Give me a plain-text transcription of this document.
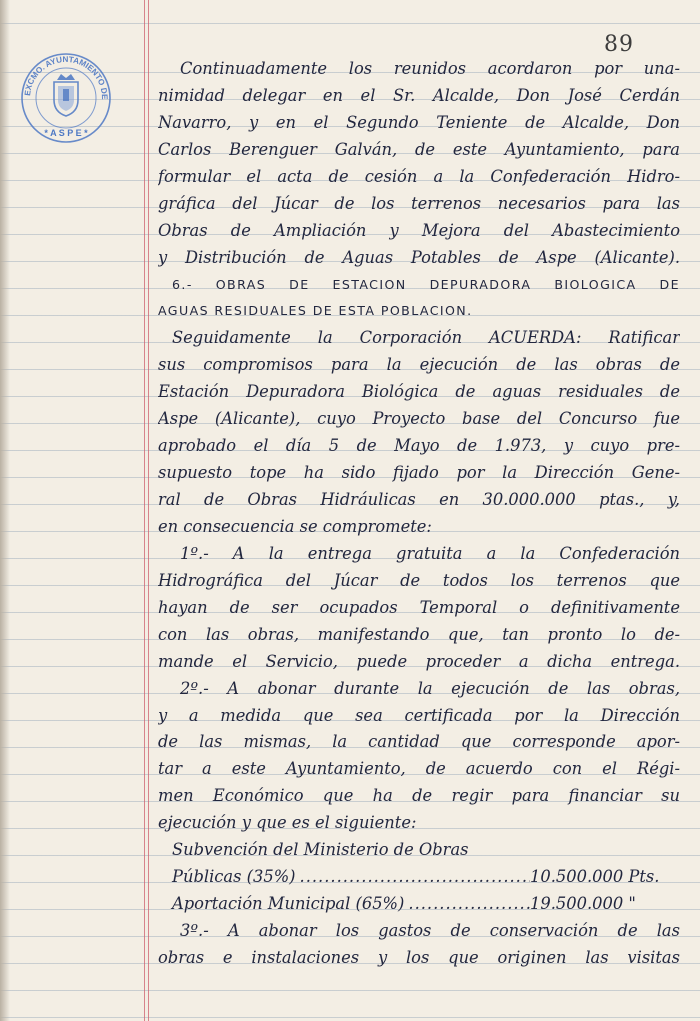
EXCMO. AYUNTAMIENTO DE
* A S P E *
89
Continuadamente los reunidos acordaron por una-
nimidad delegar en el Sr. Alcalde, Don José Cerdán
Navarro, y en el Segundo Teniente de Alcalde, Don
Carlos Berenguer Galván, de este Ayuntamiento, para
formular el acta de cesión a la Confederación Hidro-
gráfica del Júcar de los terrenos necesarios para las
Obras de Ampliación y Mejora del Abastecimiento
y Distribución de Aguas Potables de Aspe (Alicante).
6.- OBRAS DE ESTACION DEPURADORA BIOLOGICA DE
AGUAS RESIDUALES DE ESTA POBLACION.
Seguidamente la Corporación ACUERDA: Ratificar
sus compromisos para la ejecución de las obras de
Estación Depuradora Biológica de aguas residuales de
Aspe (Alicante), cuyo Proyecto base del Concurso fue
aprobado el día 5 de Mayo de 1.973, y cuyo pre-
supuesto tope ha sido fijado por la Dirección Gene-
ral de Obras Hidráulicas en 30.000.000 ptas., y,
en consecuencia se compromete:
1º.- A la entrega gratuita a la Confederación
Hidrográfica del Júcar de todos los terrenos que
hayan de ser ocupados Temporal o definitivamente
con las obras, manifestando que, tan pronto lo de-
mande el Servicio, puede proceder a dicha entrega.
2º.- A abonar durante la ejecución de las obras,
y a medida que sea certificada por la Dirección
de las mismas, la cantidad que corresponde apor-
tar a este Ayuntamiento, de acuerdo con el Régi-
men Económico que ha de regir para financiar su
ejecución y que es el siguiente:
Subvención del Ministerio de Obras
Públicas (35%) .....	10.500.000 Pts.
Aportación Municipal (65%) .....	19.500.000 "
3º.- A abonar los gastos de conservación de las
obras e instalaciones y los que originen las visitas
